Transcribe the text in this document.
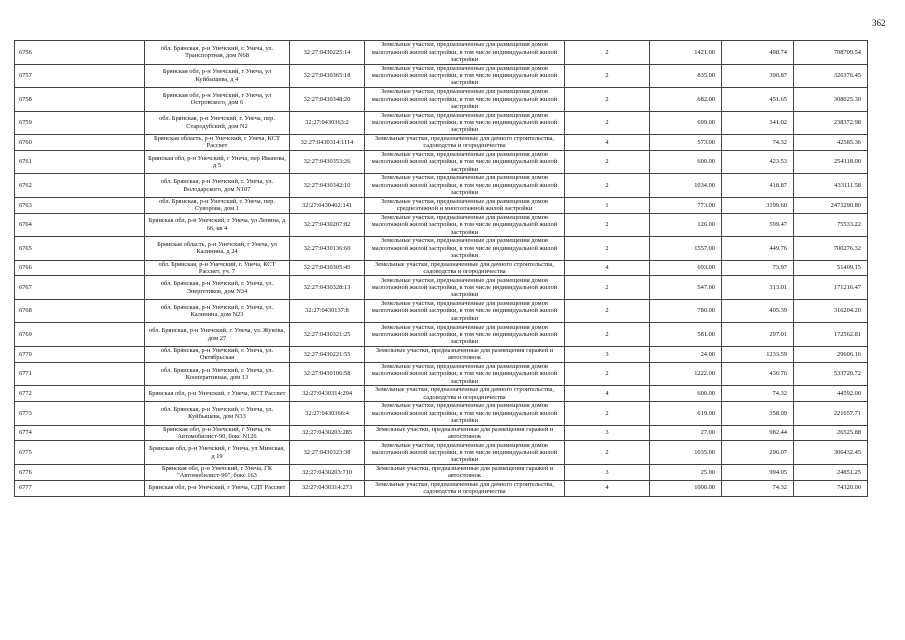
362
6756	обл. Брянская, р-н Унечский, г. Унеча, ул. Транспортная, дом N68	32:27:0430225:14	Земельные участки, предназначенные для размещения домов малоэтажной жилой застройки, в том числе индивидуальной жилой застройки	2	1421.00	498.74	708709.54
6757	Брянская обл, р-н Унечский, г Унеча, ул Куйбышева, д 4	32:27:0430365:18	Земельные участки, предназначенные для размещения домов малоэтажной жилой застройки, в том числе индивидуальной жилой застройки	2	835.00	390.87	326376.45
6758	Брянская обл, р-н Унечский, г Унеча, ул Островского, дом 6	32:27:0430348:20	Земельные участки, предназначенные для размещения домов малоэтажной жилой застройки, в том числе индивидуальной жилой застройки	2	682.00	451.65	308025.30
6759	обл. Брянская, р-н Унечский, г. Унеча, пер. Стародубский, дом N2	32:27:0430363:2	Земельные участки, предназначенные для размещения домов малоэтажной жилой застройки, в том числе индивидуальной жилой застройки	2	699.00	341.02	238372.98
6760	Брянская область, р-н Унечский, г Унеча, КСТ Рассвет	32:27:0430314:1114	Земельные участки, предназначенные для дачного строительства, садоводства и огородничества	4	573.00	74.32	42585.36
6761	Брянская обл, р-н Унечский, г Унеча, пер Иванова, д 5	32:27:0430353:26	Земельные участки, предназначенные для размещения домов малоэтажной жилой застройки, в том числе индивидуальной жилой застройки	2	600.00	423.53	254118.00
6762	обл. Брянская, р-н Унечский, г. Унеча, ул. Володарского, дом N107	32:27:0430342:10	Земельные участки, предназначенные для размещения домов малоэтажной жилой застройки, в том числе индивидуальной жилой застройки	2	1034.00	418.87	433111.58
6763	обл. Брянская, р-н Унечский, г. Унеча, пер. Суворова, дом 1	32:27:0430402:141	Земельные участки, предназначенные для размещения домов среднеэтажной и многоэтажной жилой застройки	1	773.00	3199.60	2473290.80
6764	Брянская обл, р-н Унечский, г Унеча, ул Ленина, д 66, кв 4	32:27:0430207:82	Земельные участки, предназначенные для размещения домов малоэтажной жилой застройки, в том числе индивидуальной жилой застройки	2	126.00	599.47	75533.22
6765	Брянская область, р-н Унечский, г Унеча, ул Калинина, д 24	32:27:0430136:60	Земельные участки, предназначенные для размещения домов малоэтажной жилой застройки, в том числе индивидуальной жилой застройки	2	1557.00	449.76	700276.32
6766	обл. Брянская, р-н Унечский, г. Унеча, КСТ Рассвет, уч. 7	32:27:0430305:45	Земельные участки, предназначенные для дачного строительства, садоводства и огородничества	4	693.00	73.97	51409.15
6767	обл. Брянская, р-н Унечский, г. Унеча, ул. Энергетиков, дом N34	32:27:0430328:13	Земельные участки, предназначенные для размещения домов малоэтажной жилой застройки, в том числе индивидуальной жилой застройки	2	547.00	313.01	171216.47
6768	обл. Брянская, р-н Унечский, г. Унеча, ул. Калинина, дом N23	32:27:0430137:8	Земельные участки, предназначенные для размещения домов малоэтажной жилой застройки, в том числе индивидуальной жилой застройки	2	780.00	405.39	316204.20
6769	обл. Брянская, р-н Унечский, г. Унеча, ул. Жукова, дом 27	32:27:0430321:25	Земельные участки, предназначенные для размещения домов малоэтажной жилой застройки, в том числе индивидуальной жилой застройки	2	581.00	297.01	172562.81
6770	обл. Брянская, р-н Унечский, г. Унеча, ул. Октябрьская	32:27:0430221:55	Земельные участки, предназначенные для размещения гаражей и автостоянок	3	24.00	1233.59	29606.16
6771	обл. Брянская, р-н Унечский, г. Унеча, ул. Кооперативная, дом 13	32:27:0430106:58	Земельные участки, предназначенные для размещения домов малоэтажной жилой застройки, в том числе индивидуальной жилой застройки	2	1222.00	436.76	533720.72
6772	Брянская обл, р-н Унечский, г Унеча, КСТ Рассвет	32:27:0430314:294	Земельные участки, предназначенные для дачного строительства, садоводства и огородничества	4	600.00	74.32	44592.00
6773	обл. Брянская, р-н Унечский, г. Унеча, ул. Куйбышева, дом N33	32:27:0430366:4	Земельные участки, предназначенные для размещения домов малоэтажной жилой застройки, в том числе индивидуальной жилой застройки	2	619.00	358.09	221657.71
6774	Брянская обл, р-н Унечский, г Унеча, гк Автомобилист-90, бокс N126	32:27:0430203:285	Земельные участки, предназначенные для размещения гаражей и автостоянок	3	27.00	982.44	26525.88
6775	Брянская обл, р-н Унечский, г Унеча, ул Минская, д 19	32:27:0430323:38	Земельные участки, предназначенные для размещения домов малоэтажной жилой застройки, в том числе индивидуальной жилой застройки	2	1035.00	296.07	306432.45
6776	Брянская обл, р-н Унечский, г Унеча, ГК "Автомобилист-90", бокс 163	32:27:0430203:710	Земельные участки, предназначенные для размещения гаражей и автостоянок	3	25.00	994.05	24851.25
6777	Брянская обл, р-н Унечский, г Унеча, СДТ Рассвет	32:27:0430314:273	Земельные участки, предназначенные для дачного строительства, садоводства и огородничества	4	1000.00	74.32	74320.00
